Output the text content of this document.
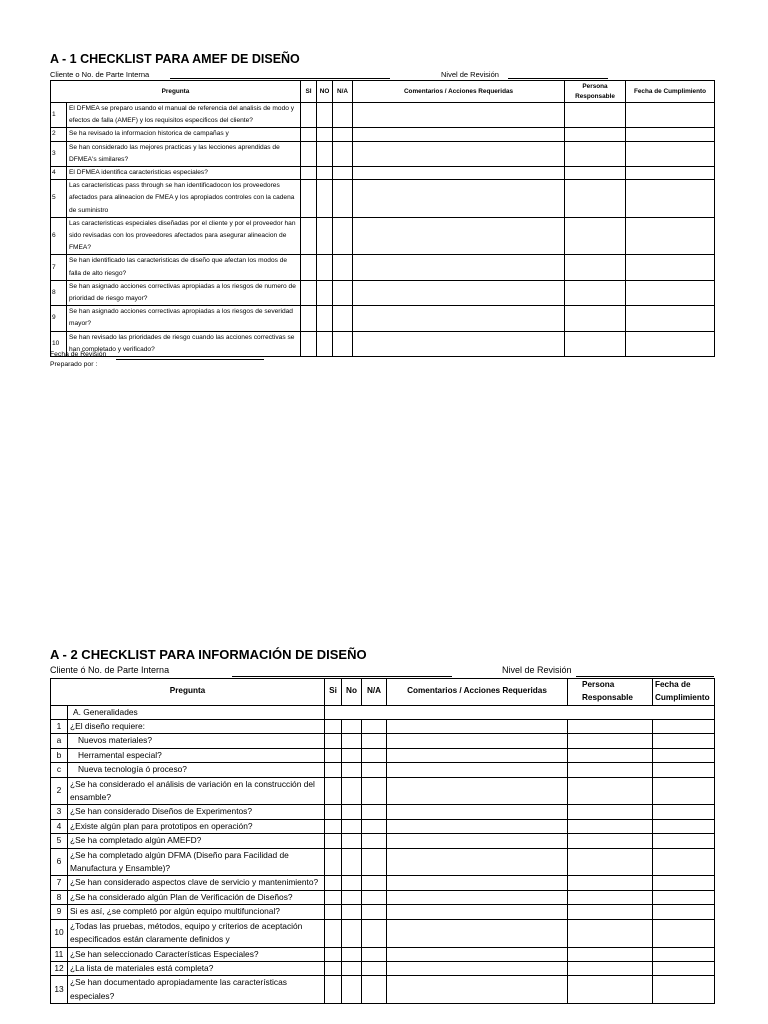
A - 1 CHECKLIST PARA AMEF DE DISEÑO
Cliente o No. de Parte Interna	Nivel de Revisión
Pregunta		SI	NO	N/A	Comentarios / Acciones Requeridas	Persona Responsable	Fecha de Cumplimiento
1	El DFMEA se preparo usando el manual de referencia del analisis de modo y efectos de falla (AMEF) y los requisitos especificos del cliente?						
2	Se ha revisado la informacion historica de campañas y						
3	Se han considerado las mejores practicas y las lecciones aprendidas de DFMEA's similares?						
4	El DFMEA identifica caracteristicas especiales?						
5	Las caracteristicas pass through se han identificadocon los proveedores afectados para alineacion de FMEA y los apropiados controles con la cadena de suministro						
6	Las caracteristicas especiales diseñadas por el cliente y por el proveedor han sido revisadas con los proveedores afectados para asegurar alineacion de FMEA?						
7	Se han identificado las caracteristicas de diseño que afectan los modos de falla de alto riesgo?						
8	Se han asignado acciones correctivas apropiadas a los riesgos de numero de prioridad de riesgo mayor?						
9	Se han asignado acciones correctivas apropiadas a los riesgos de severidad mayor?						
10	Se han revisado las prioridades de riesgo cuando las acciones correctivas se han completado y verificado?						
Fecha de Revisión
Preparado por :
A - 2 CHECKLIST PARA INFORMACIÓN DE DISEÑO
Cliente ó No. de Parte Interna	Nivel de Revisión
Pregunta		Si	No	N/A	Comentarios / Acciones Requeridas	Persona Responsable	Fecha de Cumplimiento
	A. Generalidades						
1	¿El diseño requiere:						
a	Nuevos materiales?						
b	Herramental especial?						
c	Nueva tecnología ó proceso?						
2	¿Se ha considerado el análisis de variación en la construcción del ensamble?						
3	¿Se han considerado Diseños de Experimentos?						
4	¿Existe algún plan para prototipos en operación?						
5	¿Se ha completado algún AMEFD?						
6	¿Se ha completado algún DFMA (Diseño para Facilidad de Manufactura y Ensamble)?						
7	¿Se han considerado aspectos clave de servicio y mantenimiento?						
8	¿Se ha considerado algún Plan de Verificación de Diseños?						
9	Si es así, ¿se completó por algún equipo multifuncional?						
10	¿Todas las pruebas, métodos, equipo y criterios de aceptación especificados están claramente definidos y						
11	¿Se han seleccionado Características Especiales?						
12	¿La lista de materiales está completa?						
13	¿Se han documentado apropiadamente las características especiales?						
